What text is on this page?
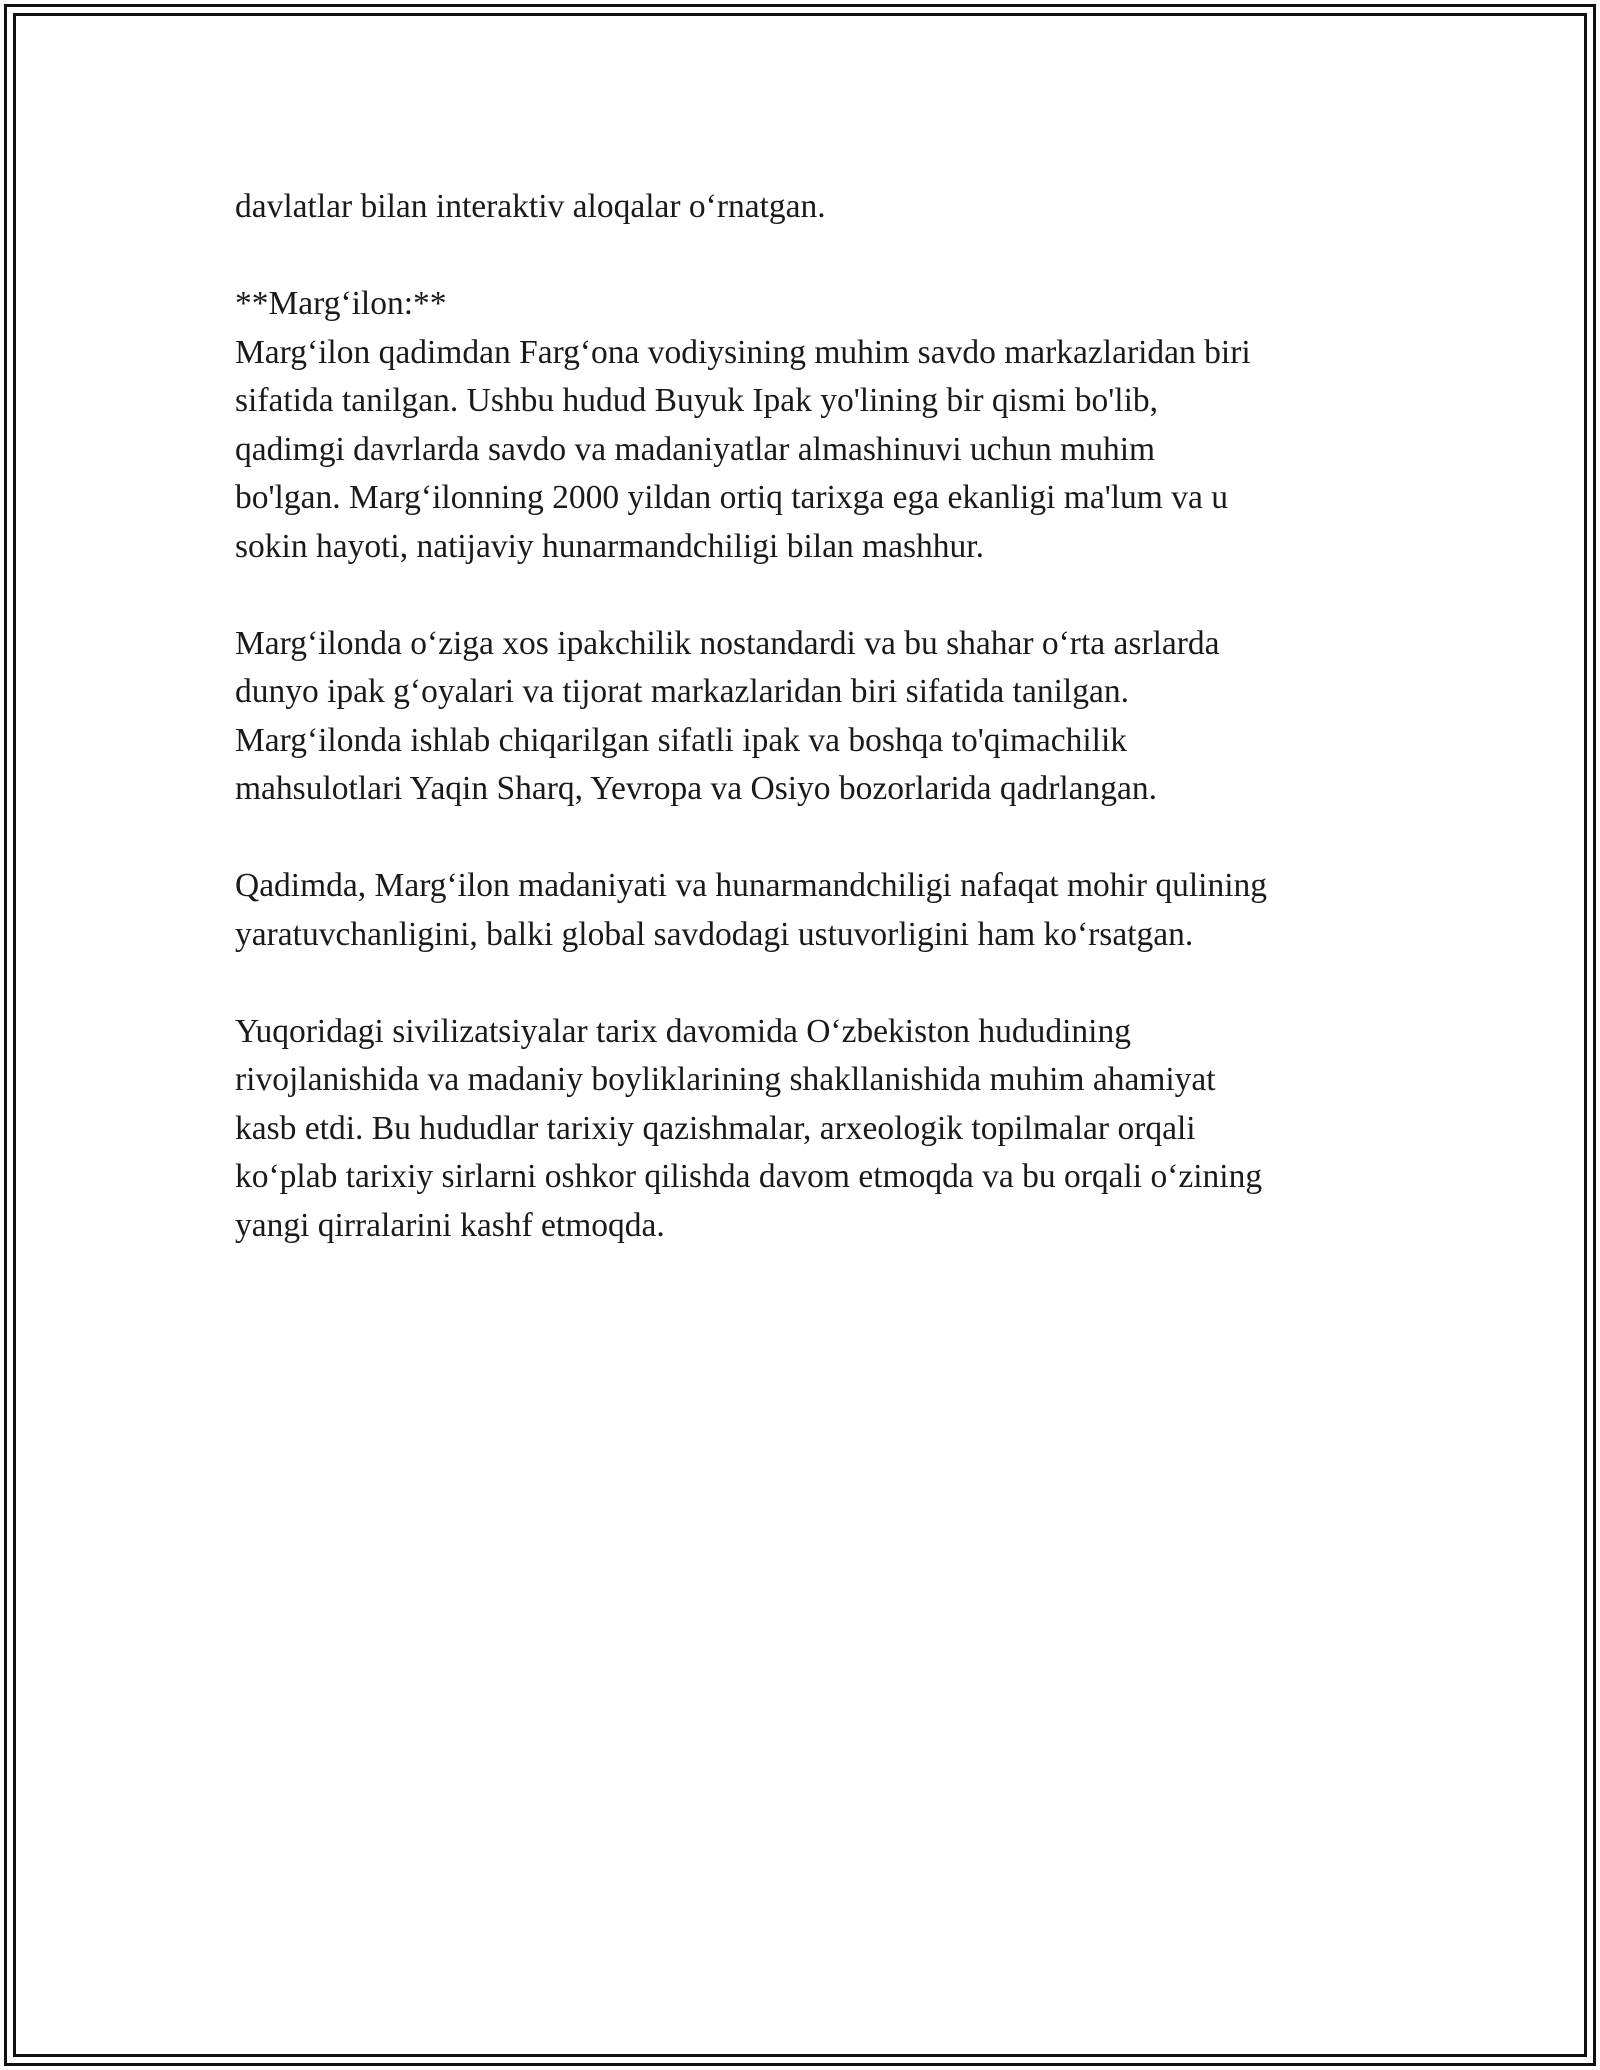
davlatlar bilan interaktiv aloqalar o‘rnatgan.
**Marg‘ilon:**
Marg‘ilon qadimdan Farg‘ona vodiysining muhim savdo markazlaridan biri
sifatida tanilgan. Ushbu hudud Buyuk Ipak yo'lining bir qismi bo'lib,
qadimgi davrlarda savdo va madaniyatlar almashinuvi uchun muhim
bo'lgan. Marg‘ilonning 2000 yildan ortiq tarixga ega ekanligi ma'lum va u
sokin hayoti, natijaviy hunarmandchiligi bilan mashhur.
Marg‘ilonda o‘ziga xos ipakchilik nostandardi va bu shahar o‘rta asrlarda
dunyo ipak g‘oyalari va tijorat markazlaridan biri sifatida tanilgan.
Marg‘ilonda ishlab chiqarilgan sifatli ipak va boshqa to'qimachilik
mahsulotlari Yaqin Sharq, Yevropa va Osiyo bozorlarida qadrlangan.
Qadimda, Marg‘ilon madaniyati va hunarmandchiligi nafaqat mohir qulining
yaratuvchanligini, balki global savdodagi ustuvorligini ham ko‘rsatgan.
Yuqoridagi sivilizatsiyalar tarix davomida O‘zbekiston hududining
rivojlanishida va madaniy boyliklarining shakllanishida muhim ahamiyat
kasb etdi. Bu hududlar tarixiy qazishmalar, arxeologik topilmalar orqali
ko‘plab tarixiy sirlarni oshkor qilishda davom etmoqda va bu orqali o‘zining
yangi qirralarini kashf etmoqda.
